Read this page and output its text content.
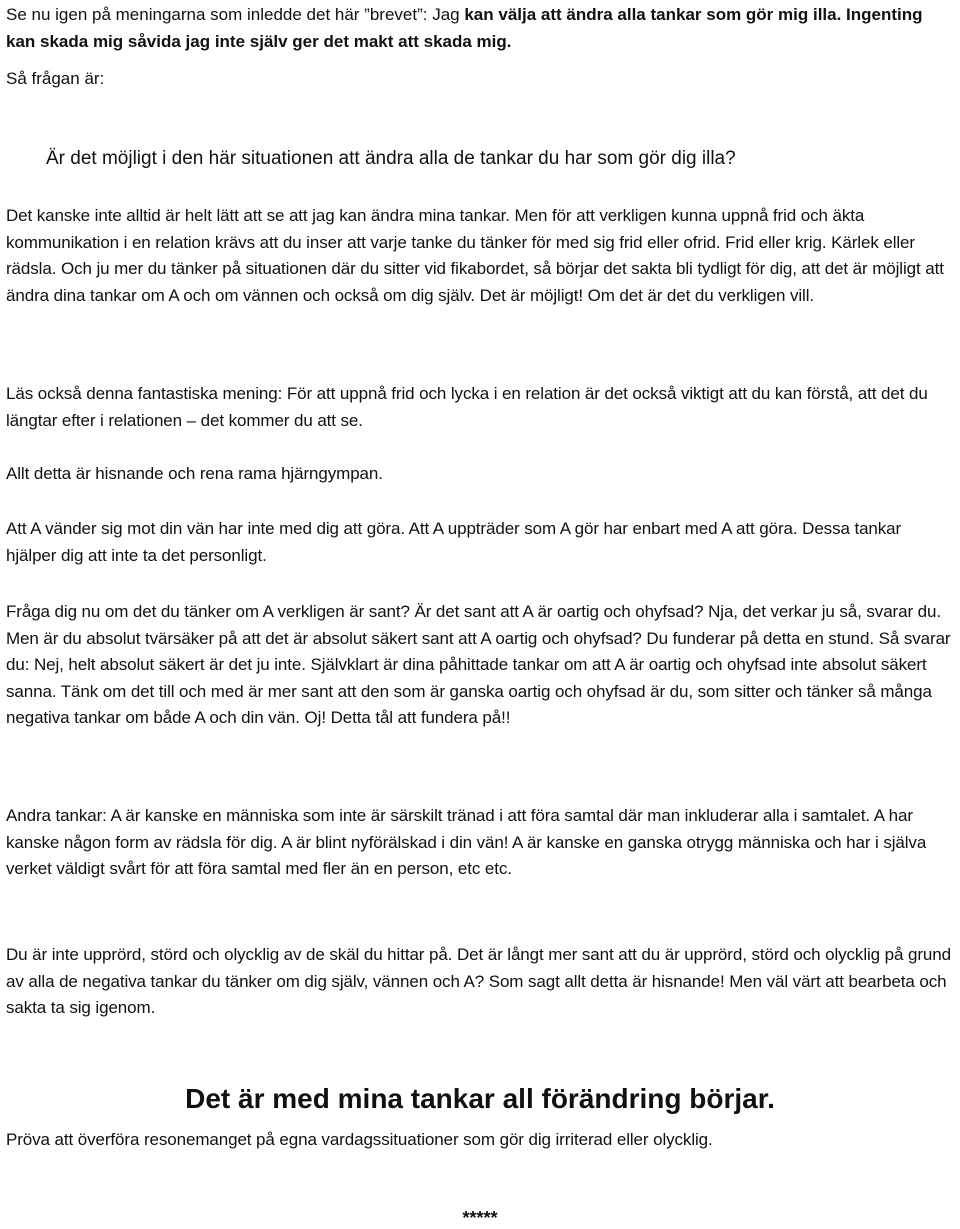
Se nu igen på meningarna som inledde det här ”brevet”: Jag kan välja att ändra alla tankar som gör mig illa. Ingenting kan skada mig såvida jag inte själv ger det makt att skada mig.

Så frågan är:

Är det möjligt i den här situationen att ändra alla de tankar du har som gör dig illa?

Det kanske inte alltid är helt lätt att se att jag kan ändra mina tankar. Men för att verkligen kunna uppnå frid och äkta kommunikation i en relation krävs att du inser att varje tanke du tänker för med sig frid eller ofrid. Frid eller krig. Kärlek eller rädsla. Och ju mer du tänker på situationen där du sitter vid fikabordet, så börjar det sakta bli tydligt för dig, att det är möjligt att ändra dina tankar om A och om vännen och också om dig själv. Det är möjligt! Om det är det du verkligen vill.

Läs också denna fantastiska mening: För att uppnå frid och lycka i en relation är det också viktigt att du kan förstå, att det du längtar efter i relationen – det kommer du att se.

Allt detta är hisnande och rena rama hjärngympan.

Att A vänder sig mot din vän har inte med dig att göra. Att A uppträder som A gör har enbart med A att göra. Dessa tankar hjälper dig att inte ta det personligt.

Fråga dig nu om det du tänker om A verkligen är sant? Är det sant att A är oartig och ohyfsad? Nja, det verkar ju så, svarar du. Men är du absolut tvärsäker på att det är absolut säkert sant att A oartig och ohyfsad? Du funderar på detta en stund. Så svarar du: Nej, helt absolut säkert är det ju inte. Självklart är dina påhittade tankar om att A är oartig och ohyfsad inte absolut säkert sanna. Tänk om det till och med är mer sant att den som är ganska oartig och ohyfsad är du, som sitter och tänker så många negativa tankar om både A och din vän. Oj! Detta tål att fundera på!!

Andra tankar: A är kanske en människa som inte är särskilt tränad i att föra samtal där man inkluderar alla i samtalet. A har kanske någon form av rädsla för dig. A är blint nyförälskad i din vän! A är kanske en ganska otrygg människa och har i själva verket väldigt svårt för att föra samtal med fler än en person, etc etc.

Du är inte upprörd, störd och olycklig av de skäl du hittar på. Det är långt mer sant att du är upprörd, störd och olycklig på grund av alla de negativa tankar du tänker om dig själv, vännen och A? Som sagt allt detta är hisnande! Men väl värt att bearbeta och sakta ta sig igenom.

Det är med mina tankar all förändring börjar.

Pröva att överföra resonemanget på egna vardagssituationer som gör dig irriterad eller olycklig.

*****
